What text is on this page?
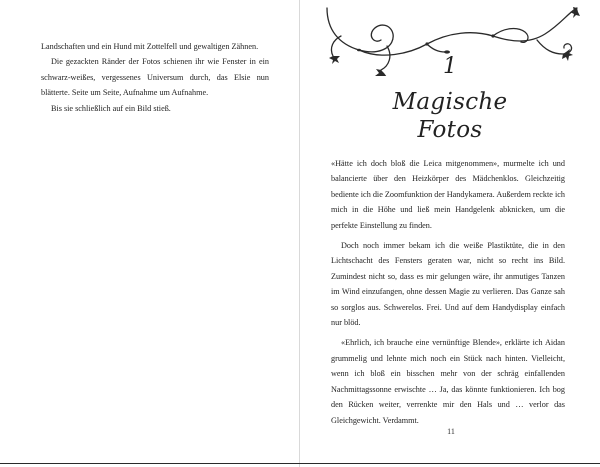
Landschaften und ein Hund mit Zottelfell und gewaltigen Zähnen.

Die gezackten Ränder der Fotos schienen ihr wie Fenster in ein schwarz-weißes, vergessenes Universum durch, das Elsie nun blätterte. Seite um Seite, Aufnahme um Aufnahme.

Bis sie schließlich auf ein Bild stieß.

1
Magische Fotos

«Hätte ich doch bloß die Leica mitgenommen», murmelte ich und balancierte über den Heizkörper des Mädchenklos. Gleichzeitig bediente ich die Zoomfunktion der Handykamera. Außerdem reckte ich mich in die Höhe und ließ mein Handgelenk abknicken, um die perfekte Einstellung zu finden.

Doch noch immer bekam ich die weiße Plastiktüte, die in den Lichtschacht des Fensters geraten war, nicht so recht ins Bild. Zumindest nicht so, dass es mir gelungen wäre, ihr anmutiges Tanzen im Wind einzufangen, ohne dessen Magie zu verlieren. Das Ganze sah so sorglos aus. Schwerelos. Frei. Und auf dem Handydisplay einfach nur blöd.

«Ehrlich, ich brauche eine vernünftige Blende», erklärte ich Aidan grummelig und lehnte mich noch ein Stück nach hinten. Vielleicht, wenn ich bloß ein bisschen mehr von der schräg einfallenden Nachmittagssonne erwischte … Ja, das könnte funktionieren. Ich bog den Rücken weiter, verrenkte mir den Hals und … verlor das Gleichgewicht. Verdammt.

11
